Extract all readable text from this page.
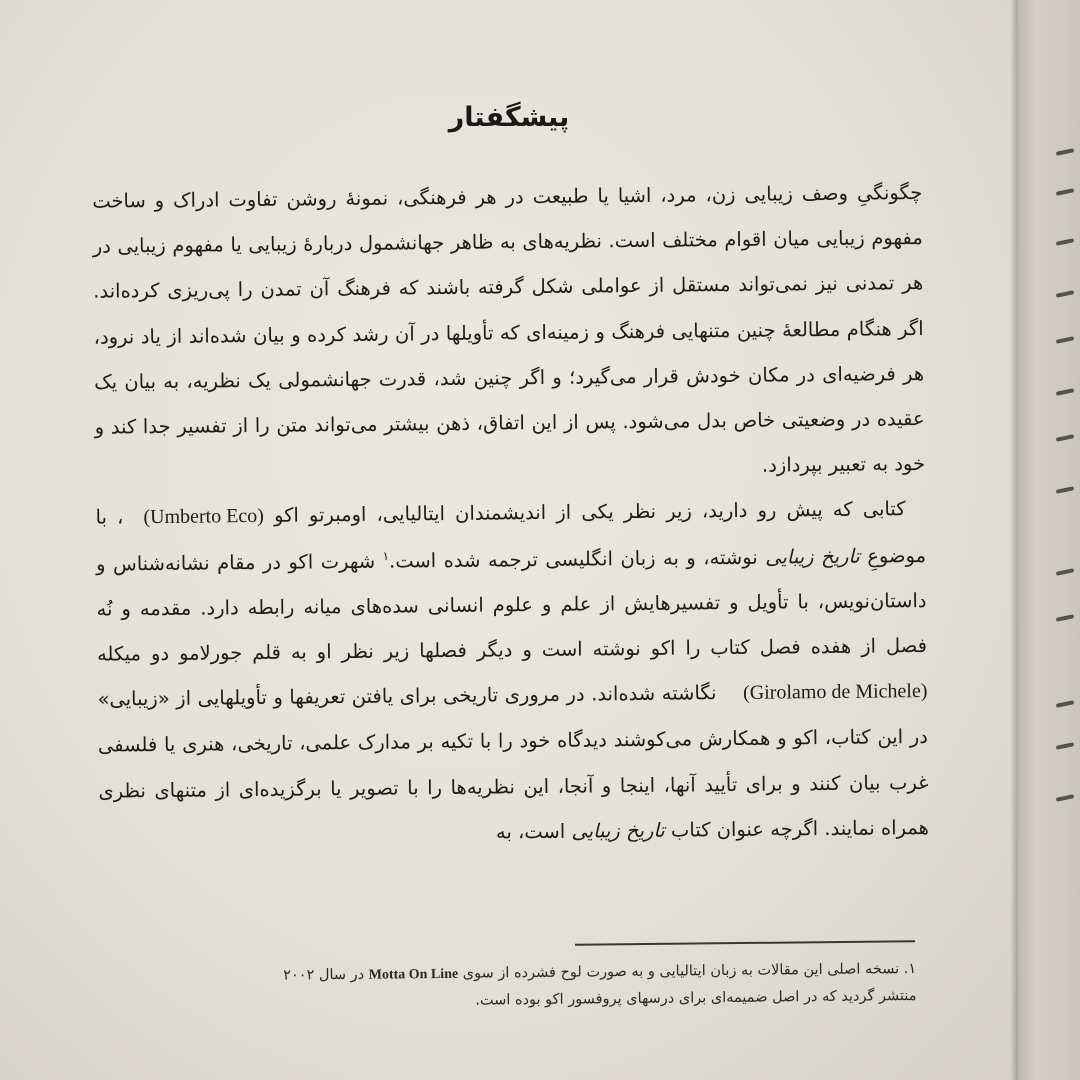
پیشگفتار

چگونگیِ وصف زیبایی زن، مرد، اشیا یا طبیعت در هر فرهنگی، نمونهٔ روشن تفاوت ادراک و ساخت مفهوم زیبایی میان اقوام مختلف است. نظریه‌های به ظاهر جهانشمول دربارهٔ زیبایی یا مفهوم زیبایی در هر تمدنی نیز نمی‌تواند مستقل از عواملی شکل گرفته باشند که فرهنگ آن تمدن را پی‌ریزی کرده‌اند. اگر هنگام مطالعهٔ چنین متنهایی فرهنگ و زمینه‌ای که تأویلها در آن رشد کرده و بیان شده‌اند از یاد نرود، هر فرضیه‌ای در مکان خودش قرار می‌گیرد؛ و اگر چنین شد، قدرت جهانشمولی یک نظریه، به بیان یک عقیده در وضعیتی خاص بدل می‌شود. پس از این اتفاق، ذهن بیشتر می‌تواند متن را از تفسیر جدا کند و خود به تعبیر بپردازد.

کتابی که پیش رو دارید، زیر نظر یکی از اندیشمندان ایتالیایی، اومبرتو اکو (Umberto Eco)، با موضوعِ تاریخ زیبایی نوشته، و به زبان انگلیسی ترجمه شده است.$^۱$ شهرت اکو در مقام نشانه‌شناس و داستان‌نویس، با تأویل و تفسیرهایش از علم و علوم انسانی سده‌های میانه رابطه دارد. مقدمه و نُه فصل از هفده فصل کتاب را اکو نوشته است و دیگر فصلها زیر نظر او به قلم جورلامو دو میکله (Girolamo de Michele) نگاشته شده‌اند. در مروری تاریخی برای یافتن تعریفها و تأویلهایی از «زیبایی» در این کتاب، اکو و همکارش می‌کوشند دیدگاه خود را با تکیه بر مدارک علمی، تاریخی، هنری یا فلسفی غرب بیان کنند و برای تأیید آنها، اینجا و آنجا، این نظریه‌ها را با تصویر یا برگزیده‌ای از متنهای نظری همراه نمایند. اگرچه عنوان کتاب تاریخ زیبایی است، به

۱. نسخه اصلی این مقالات به زبان ایتالیایی و به صورت لوح فشرده از سوی Motta On Line در سال ۲۰۰۲

منتشر گردید که در اصل ضمیمه‌ای برای درسهای پروفسور اکو بوده است.
